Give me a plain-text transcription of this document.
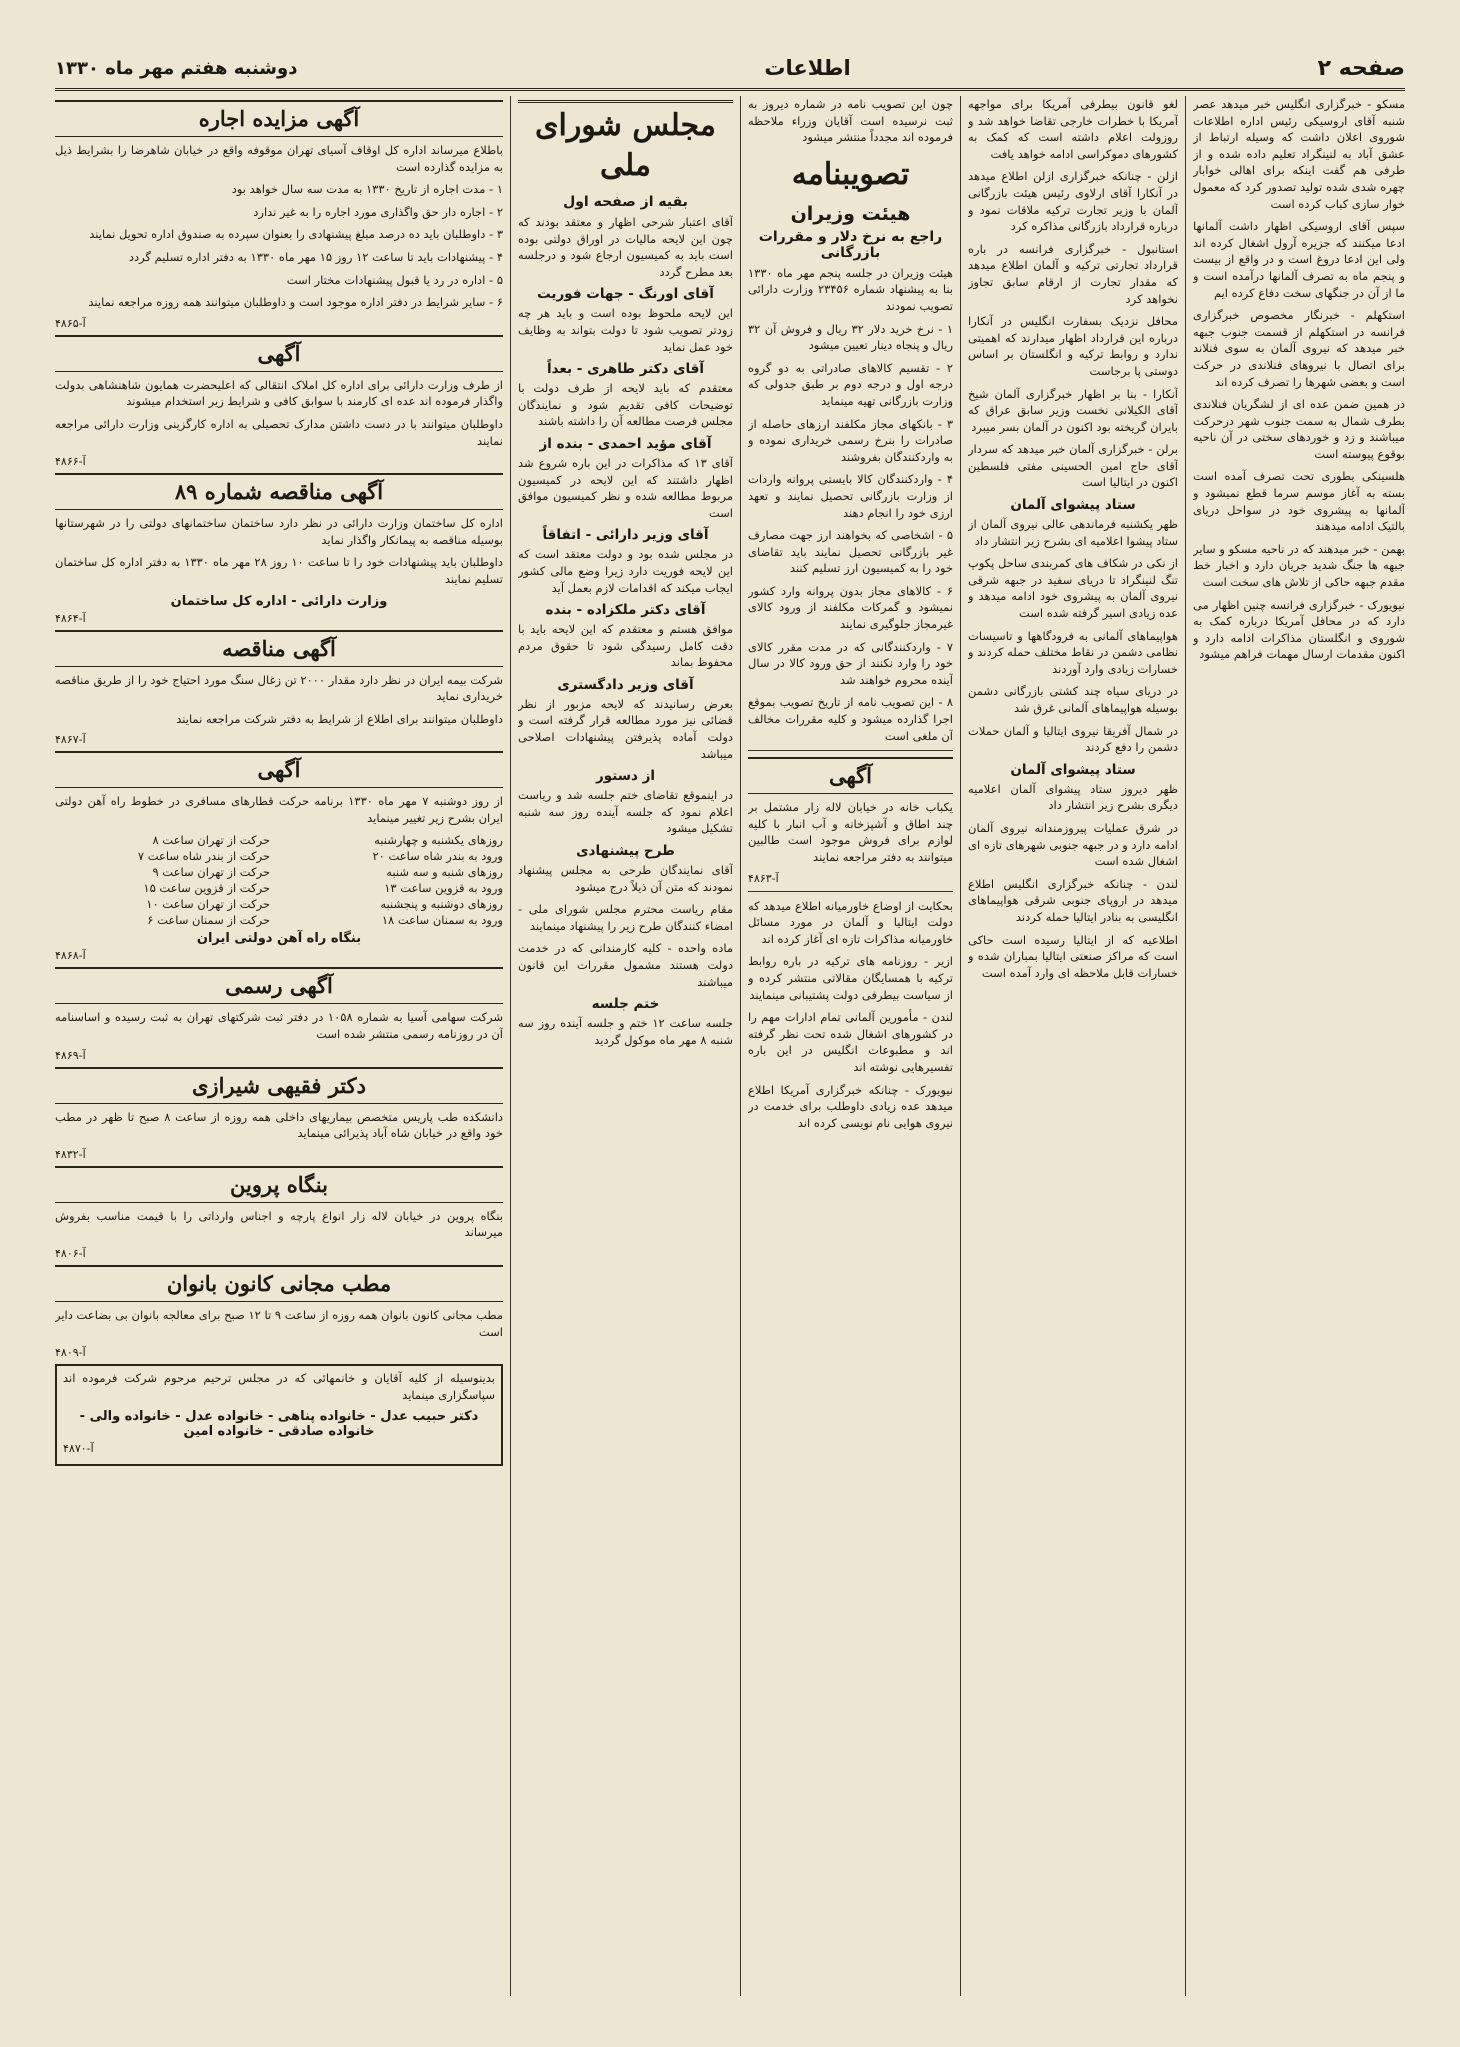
صفحه ۲
اطلاعات
دوشنبه هفتم مهر ماه ۱۳۳۰

مسکو - خبرگزاری انگلیس خبر میدهد عصر شنبه آقای اروسیکی رئیس اداره اطلاعات شوروی اعلان داشت که وسیله ارتباط از عشق آباد به لنینگراد تعلیم داده شده و از طرفی هم گفت اینکه برای اهالی خوابار چهره شدی شده تولید تصدور کرد که معمول خوار سازی کباب کرده است

سپس آقای اروسیکی اظهار داشت آلمانها ادعا میکنند که جزیره آرول اشغال کرده اند ولی این ادعا دروغ است و در واقع از بیست و پنجم ماه به تصرف آلمانها درآمده است و ما از آن در جنگهای سخت دفاع کرده ایم

استکهلم - خبرنگار مخصوص خبرگزاری فرانسه در استکهلم از قسمت جنوب جبهه خبر میدهد که نیروی آلمان به سوی فنلاند برای اتصال با نیروهای فنلاندی در حرکت است و بعضی شهرها را تصرف کرده اند

در همین ضمن عده ای از لشگریان فنلاندی بطرف شمال به سمت جنوب شهر درحرکت میباشند و زد و خوردهای سختی در آن ناحیه بوقوع پیوسته است

هلسینکی بطوری تحت تصرف آمده است بسته به آغاز موسم سرما قطع نمیشود و آلمانها به پیشروی خود در سواحل دریای بالتیک ادامه میدهند

بهمن - خبر میدهند که در ناحیه مسکو و سایر جبهه ها جنگ شدید جریان دارد و اخبار خط مقدم جبهه حاکی از تلاش های سخت است

نیویورک - خبرگزاری فرانسه چنین اظهار می دارد که در محافل آمریکا درباره کمک به شوروی و انگلستان مذاکرات ادامه دارد و اکنون مقدمات ارسال مهمات فراهم میشود

لغو قانون بیطرفی آمریکا برای مواجهه آمریکا با خطرات خارجی تقاضا خواهد شد و روزولت اعلام داشته است که کمک به کشورهای دموکراسی ادامه خواهد یافت

ازلن - چنانکه خبرگزاری ازلن اطلاع میدهد در آنکارا آقای ارلاوی رئیس هیئت بازرگانی آلمان با وزیر تجارت ترکیه ملاقات نمود و درباره قرارداد بازرگانی مذاکره کرد

استانبول - خبرگزاری فرانسه در باره قرارداد تجارتی ترکیه و آلمان اطلاع میدهد که مقدار تجارت از ارقام سابق تجاوز نخواهد کرد

محافل نزدیک بسفارت انگلیس در آنکارا درباره این قرارداد اظهار میدارند که اهمیتی ندارد و روابط ترکیه و انگلستان بر اساس دوستی پا برجاست

آنکارا - بنا بر اظهار خبرگزاری آلمان شیخ آقای الکیلانی نخست وزیر سابق عراق که بایران گریخته بود اکنون در آلمان بسر میبرد

برلن - خبرگزاری آلمان خبر میدهد که سردار آقای حاج امین الحسینی مفتی فلسطین اکنون در ایتالیا است

ستاد پیشوای آلمان

ظهر یکشنبه فرماندهی عالی نیروی آلمان از ستاد پیشوا اعلامیه ای بشرح زیر انتشار داد

از نکی در شکاف های کمربندی ساحل پکوپ تنگ لنینگراد تا دریای سفید در جبهه شرقی نیروی آلمان به پیشروی خود ادامه میدهد و عده زیادی اسیر گرفته شده است

هواپیماهای آلمانی به فرودگاهها و تاسیسات نظامی دشمن در نقاط مختلف حمله کردند و خسارات زیادی وارد آوردند

در دریای سیاه چند کشتی بازرگانی دشمن بوسیله هواپیماهای آلمانی غرق شد

در شمال آفریقا نیروی ایتالیا و آلمان حملات دشمن را دفع کردند

ستاد پیشوای آلمان

ظهر دیروز ستاد پیشوای آلمان اعلامیه دیگری بشرح زیر انتشار داد

در شرق عملیات پیروزمندانه نیروی آلمان ادامه دارد و در جبهه جنوبی شهرهای تازه ای اشغال شده است

لندن - چنانکه خبرگزاری انگلیس اطلاع میدهد در اروپای جنوبی شرقی هواپیماهای انگلیسی به بنادر ایتالیا حمله کردند

اطلاعیه که از ایتالیا رسیده است حاکی است که مراکز صنعتی ایتالیا بمباران شده و خسارات قابل ملاحظه ای وارد آمده است

چون این تصویب نامه در شماره دیروز به ثبت نرسیده است آقایان وزراء ملاحظه فرموده اند مجدداً منتشر میشود

تصویبنامه
هیئت وزیران
راجع به نرخ دلار و مقررات بازرگانی

هیئت وزیران در جلسه پنجم مهر ماه ۱۳۳۰ بنا به پیشنهاد شماره ۲۳۴۵۶ وزارت دارائی تصویب نمودند

۱ - نرخ خرید دلار ۳۲ ریال و فروش آن ۳۲ ریال و پنجاه دینار تعیین میشود

۲ - تقسیم کالاهای صادراتی به دو گروه درجه اول و درجه دوم بر طبق جدولی که وزارت بازرگانی تهیه مینماید

۳ - بانکهای مجاز مکلفند ارزهای حاصله از صادرات را بنرخ رسمی خریداری نموده و به واردکنندگان بفروشند

۴ - واردکنندگان کالا بایستی پروانه واردات از وزارت بازرگانی تحصیل نمایند و تعهد ارزی خود را انجام دهند

۵ - اشخاصی که بخواهند ارز جهت مصارف غیر بازرگانی تحصیل نمایند باید تقاضای خود را به کمیسیون ارز تسلیم کنند

۶ - کالاهای مجاز بدون پروانه وارد کشور نمیشود و گمرکات مکلفند از ورود کالای غیرمجاز جلوگیری نمایند

۷ - واردکنندگانی که در مدت مقرر کالای خود را وارد نکنند از حق ورود کالا در سال آینده محروم خواهند شد

۸ - این تصویب نامه از تاریخ تصویب بموقع اجرا گذارده میشود و کلیه مقررات مخالف آن ملغی است

آگهی

یکباب خانه در خیابان لاله زار مشتمل بر چند اطاق و آشپزخانه و آب انبار با کلیه لوازم برای فروش موجود است طالبین میتوانند به دفتر مراجعه نمایند

آ-۴۸۶۳

بحکایت از اوضاع خاورمیانه اطلاع میدهد که دولت ایتالیا و آلمان در مورد مسائل خاورمیانه مذاکرات تازه ای آغاز کرده اند

ازیر - روزنامه های ترکیه در باره روابط ترکیه با همسایگان مقالاتی منتشر کرده و از سیاست بیطرفی دولت پشتیبانی مینمایند

لندن - مأمورین آلمانی تمام ادارات مهم را در کشورهای اشغال شده تحت نظر گرفته اند و مطبوعات انگلیس در این باره تفسیرهایی نوشته اند

نیویورک - چنانکه خبرگزاری آمریکا اطلاع میدهد عده زیادی داوطلب برای خدمت در نیروی هوایی نام نویسی کرده اند

مجلس شورای ملی
بقیه از صفحه اول

آقای اعتبار شرحی اظهار و معتقد بودند که چون این لایحه مالیات در اوراق دولتی بوده است باید به کمیسیون ارجاع شود و درجلسه بعد مطرح گردد

آقای اورنگ - جهات فوریت

این لایحه ملحوظ بوده است و باید هر چه زودتر تصویب شود تا دولت بتواند به وظایف خود عمل نماید

آقای دکتر طاهری - بعداً

معتقدم که باید لایحه از طرف دولت با توضیحات کافی تقدیم شود و نمایندگان مجلس فرصت مطالعه آن را داشته باشند

آقای مؤید احمدی - بنده از

آقای ۱۳ که مذاکرات در این باره شروع شد اظهار داشتند که این لایحه در کمیسیون مربوط مطالعه شده و نظر کمیسیون موافق است

آقای وزیر دارائی - اتفاقاً

در مجلس شده بود و دولت معتقد است که این لایحه فوریت دارد زیرا وضع مالی کشور ایجاب میکند که اقدامات لازم بعمل آید

آقای دکتر ملکزاده - بنده

موافق هستم و معتقدم که این لایحه باید با دقت کامل رسیدگی شود تا حقوق مردم محفوظ بماند

آقای وزیر دادگستری

بعرض رسانیدند که لایحه مزبور از نظر قضائی نیز مورد مطالعه قرار گرفته است و دولت آماده پذیرفتن پیشنهادات اصلاحی میباشد

از دستور

در اینموقع تقاضای ختم جلسه شد و ریاست اعلام نمود که جلسه آینده روز سه شنبه تشکیل میشود

طرح پیشنهادی

آقای نمایندگان طرحی به مجلس پیشنهاد نمودند که متن آن ذیلاً درج میشود

مقام ریاست محترم مجلس شورای ملی - امضاء کنندگان طرح زیر را پیشنهاد مینمایند

ماده واحده - کلیه کارمندانی که در خدمت دولت هستند مشمول مقررات این قانون میباشند

ختم جلسه

جلسه ساعت ۱۲ ختم و جلسه آینده روز سه شنبه ۸ مهر ماه موکول گردید

آگهی مزایده اجاره

باطلاع میرساند اداره کل اوقاف آسیای تهران موقوفه واقع در خیابان شاهرضا را بشرایط ذیل به مزایده گذارده است

۱ - مدت اجاره از تاریخ ۱۳۳۰ به مدت سه سال خواهد بود

۲ - اجاره دار حق واگذاری مورد اجاره را به غیر ندارد

۳ - داوطلبان باید ده درصد مبلغ پیشنهادی را بعنوان سپرده به صندوق اداره تحویل نمایند

۴ - پیشنهادات باید تا ساعت ۱۲ روز ۱۵ مهر ماه ۱۳۳۰ به دفتر اداره تسلیم گردد

۵ - اداره در رد یا قبول پیشنهادات مختار است

۶ - سایر شرایط در دفتر اداره موجود است و داوطلبان میتوانند همه روزه مراجعه نمایند

آ-۴۸۶۵

آگهی

از طرف وزارت دارائی برای اداره کل املاک انتقالی که اعلیحضرت همایون شاهنشاهی بدولت واگذار فرموده اند عده ای کارمند با سوابق کافی و شرایط زیر استخدام میشوند

داوطلبان میتوانند با در دست داشتن مدارک تحصیلی به اداره کارگزینی وزارت دارائی مراجعه نمایند

آ-۴۸۶۶

آگهی مناقصه شماره ۸۹

اداره کل ساختمان وزارت دارائی در نظر دارد ساختمان ساختمانهای دولتی را در شهرستانها بوسیله مناقصه به پیمانکار واگذار نماید

داوطلبان باید پیشنهادات خود را تا ساعت ۱۰ روز ۲۸ مهر ماه ۱۳۳۰ به دفتر اداره کل ساختمان تسلیم نمایند

وزارت دارائی - اداره کل ساختمان

آ-۴۸۶۴

آگهی مناقصه

شرکت بیمه ایران در نظر دارد مقدار ۲۰۰۰ تن زغال سنگ مورد احتیاج خود را از طریق مناقصه خریداری نماید

داوطلبان میتوانند برای اطلاع از شرایط به دفتر شرکت مراجعه نمایند

آ-۴۸۶۷

آگهی

از روز دوشنبه ۷ مهر ماه ۱۳۳۰ برنامه حرکت قطارهای مسافری در خطوط راه آهن دولتی ایران بشرح زیر تغییر مینماید

روزهای یکشنبه و چهارشنبه
حرکت از تهران ساعت ۸
ورود به بندر شاه ساعت ۲۰
حرکت از بندر شاه ساعت ۷
روزهای شنبه و سه شنبه
حرکت از تهران ساعت ۹
ورود به قزوین ساعت ۱۳
حرکت از قزوین ساعت ۱۵
روزهای دوشنبه و پنجشنبه
حرکت از تهران ساعت ۱۰
ورود به سمنان ساعت ۱۸
حرکت از سمنان ساعت ۶
بنگاه راه آهن دولتی ایران

آ-۴۸۶۸

آگهی رسمی

شرکت سهامی آسیا به شماره ۱۰۵۸ در دفتر ثبت شرکتهای تهران به ثبت رسیده و اساسنامه آن در روزنامه رسمی منتشر شده است

آ-۴۸۶۹

دکتر فقیهی شیرازی

دانشکده طب پاریس متخصص بیماریهای داخلی همه روزه از ساعت ۸ صبح تا ظهر در مطب خود واقع در خیابان شاه آباد پذیرائی مینماید

آ-۴۸۳۲

بنگاه پروین

بنگاه پروین در خیابان لاله زار انواع پارچه و اجناس وارداتی را با قیمت مناسب بفروش میرساند

آ-۴۸۰۶

مطب مجانی کانون بانوان

مطب مجانی کانون بانوان همه روزه از ساعت ۹ تا ۱۲ صبح برای معالجه بانوان بی بضاعت دایر است

آ-۴۸۰۹

بدینوسیله از کلیه آقایان و خانمهائی که در مجلس ترحیم مرحوم شرکت فرموده اند سپاسگزاری مینماید

دکتر حبیب عدل - خانواده پناهی - خانواده عدل - خانواده والی - خانواده صادقی - خانواده امین

آ-۴۸۷۰
